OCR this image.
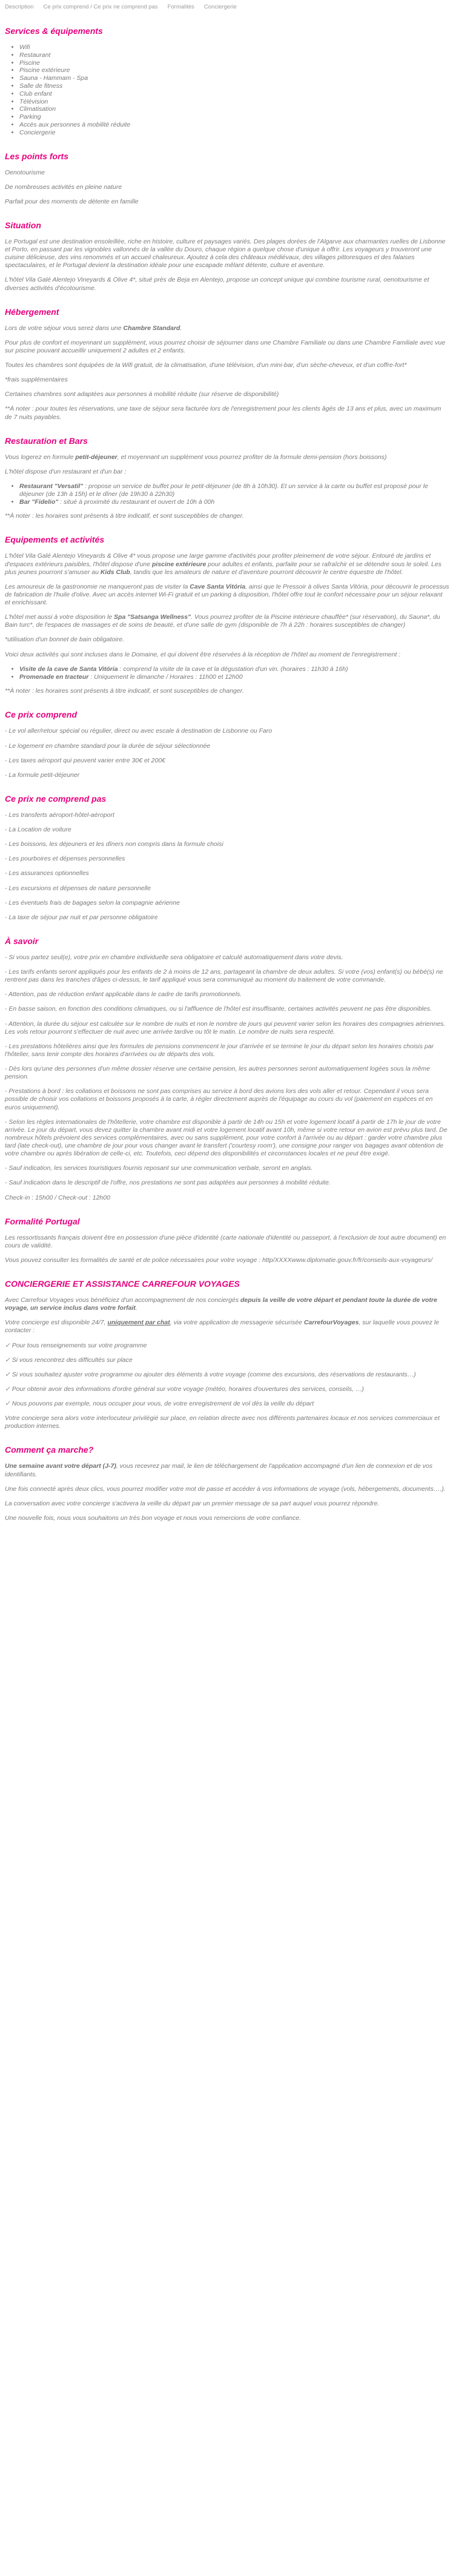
Description Ce prix comprend / Ce prix ne comprend pas Formalités Conciergerie
Services & équipements
• Wifi
• Restaurant
• Piscine
• Piscine extérieure
• Sauna - Hammam - Spa
• Salle de fitness
• Club enfant
• Télévision
• Climatisation
• Parking
• Accès aux personnes à mobilité réduite
• Conciergerie
Les points forts

Oenotourisme

De nombreuses activités en pleine nature

Parfait pour des moments de détente en famille

Situation

Le Portugal est une destination ensoleillée, riche en histoire, culture et paysages variés. Des plages dorées de l'Algarve aux charmantes ruelles de Lisbonne et Porto, en passant par les vignobles vallonnés de la vallée du Douro, chaque région a quelque chose d'unique à offrir. Les voyageurs y trouveront une cuisine délicieuse, des vins renommés et un accueil chaleureux. Ajoutez à cela des châteaux médiévaux, des villages pittoresques et des falaises spectaculaires, et le Portugal devient la destination idéale pour une escapade mêlant détente, culture et aventure.

L'hôtel Vila Galé Alentejo Vineyards & Olive 4*, situé près de Beja en Alentejo, propose un concept unique qui combine tourisme rural, oenotourisme et diverses activités d'écotourisme.

Hébergement

Lors de votre séjour vous serez dans une Chambre Standard.

Pour plus de confort et moyennant un supplément, vous pourrez choisir de séjourner dans une Chambre Familiale ou dans une Chambre Familiale avec vue sur piscine pouvant accueillir uniquement 2 adultes et 2 enfants.

Toutes les chambres sont équipées de la Wifi gratuit, de la climatisation, d'une télévision, d'un mini-bar, d'un sèche-cheveux, et d'un coffre-fort*

*frais supplémentaires

Certaines chambres sont adaptées aux personnes à mobilité réduite (sur réserve de disponibilité)

**À noter : pour toutes les réservations, une taxe de séjour sera facturée lors de l'enregistrement pour les clients âgés de 13 ans et plus, avec un maximum de 7 nuits payables.

Restauration et Bars

Vous logerez en formule petit-déjeuner, et moyennant un supplément vous pourrez profiter de la formule demi-pension (hors boissons)

L'hôtel dispose d'un restaurant et d'un bar :

• Restaurant "Versatil" : propose un service de buffet pour le petit-déjeuner (de 8h à 10h30). Et un service à la carte ou buffet est proposé pour le déjeuner (de 13h à 15h) et le dîner (de 19h30 à 22h30)
• Bar "Fidelio" : situé à proximité du restaurant et ouvert de 10h à 00h

**À noter : les horaires sont présents à titre indicatif, et sont susceptibles de changer.

Equipements et activités

L'hôtel Vila Galé Alentejo Vineyards & Olive 4* vous propose une large gamme d'activités pour profiter pleinement de votre séjour. Entouré de jardins et d'espaces extérieurs paisibles, l'hôtel dispose d'une piscine extérieure pour adultes et enfants, parfaite pour se rafraîchir et se détendre sous le soleil. Les plus jeunes pourront s'amuser au Kids Club, tandis que les amateurs de nature et d'aventure pourront découvrir le centre équestre de l'hôtel.

Les amoureux de la gastronomie ne manqueront pas de visiter la Cave Santa Vitória, ainsi que le Pressoir à olives Santa Vitória, pour découvrir le processus de fabrication de l'huile d'olive. Avec un accès internet Wi-Fi gratuit et un parking à disposition, l'hôtel offre tout le confort nécessaire pour un séjour relaxant et enrichissant.

L'hôtel met aussi à votre disposition le Spa "Satsanga Wellness". Vous pourrez profiter de la Piscine intérieure chauffée* (sur réservation), du Sauna*, du Bain turc*, de l'espaces de massages et de soins de beauté, et d'une salle de gym (disponible de 7h à 22h : horaires susceptibles de changer)

*utilisation d'un bonnet de bain obligatoire.

Voici deux activités qui sont incluses dans le Domaine, et qui doivent être réservées à la réception de l'hôtel au moment de l'enregistrement :

• Visite de la cave de Santa Vitória : comprend la visite de la cave et la dégustation d'un vin. (horaires : 11h30 à 16h)
• Promenade en tracteur : Uniquement le dimanche / Horaires : 11h00 et 12h00

**À noter : les horaires sont présents à titre indicatif, et sont susceptibles de changer.

Ce prix comprend

- Le vol aller/retour spécial ou régulier, direct ou avec escale à destination de Lisbonne ou Faro

- Le logement en chambre standard pour la durée de séjour sélectionnée

- Les taxes aéroport qui peuvent varier entre 30€ et 200€

- La formule petit-déjeuner

Ce prix ne comprend pas

- Les transferts aéroport-hôtel-aéroport

- La Location de voiture

- Les boissons, les déjeuners et les dîners non compris dans la formule choisi

- Les pourboires et dépenses personnelles

- Les assurances optionnelles

- Les excursions et dépenses de nature personnelle

- Les éventuels frais de bagages selon la compagnie aérienne

- La taxe de séjour par nuit et par personne obligatoire

À savoir

- Si vous partez seul(e), votre prix en chambre individuelle sera obligatoire et calculé automatiquement dans votre devis.

- Les tarifs enfants seront appliqués pour les enfants de 2 à moins de 12 ans, partageant la chambre de deux adultes. Si votre (vos) enfant(s) ou bébé(s) ne rentrent pas dans les tranches d'âges ci-dessus, le tarif appliqué vous sera communiqué au moment du traitement de votre commande.

- Attention, pas de réduction enfant applicable dans le cadre de tarifs promotionnels.

- En basse saison, en fonction des conditions climatiques, ou si l'affluence de l'hôtel est insuffisante, certaines activités peuvent ne pas être disponibles.

- Attention, la durée du séjour est calculée sur le nombre de nuits et non le nombre de jours qui peuvent varier selon les horaires des compagnies aériennes. Les vols retour pourront s'effectuer de nuit avec une arrivée tardive ou tôt le matin. Le nombre de nuits sera respecté.

- Les prestations hôtelières ainsi que les formules de pensions commencent le jour d'arrivée et se termine le jour du départ selon les horaires choisis par l'hôtelier, sans tenir compte des horaires d'arrivées ou de départs des vols.

- Dès lors qu'une des personnes d'un même dossier réserve une certaine pension, les autres personnes seront automatiquement logées sous la même pension.

- Prestations à bord : les collations et boissons ne sont pas comprises au service à bord des avions lors des vols aller et retour. Cependant il vous sera possible de choisir vos collations et boissons proposés à la carte, à régler directement auprès de l'équipage au cours du vol (paiement en espèces et en euros uniquement).

- Selon les règles internationales de l'hôtellerie, votre chambre est disponible à partir de 14h ou 15h et votre logement locatif à partir de 17h le jour de votre arrivée. Le jour du départ, vous devez quitter la chambre avant midi et votre logement locatif avant 10h, même si votre retour en avion est prévu plus tard. De nombreux hôtels prévoient des services complémentaires, avec ou sans supplément, pour votre confort à l'arrivée ou au départ : garder votre chambre plus tard (late check-out), une chambre de jour pour vous changer avant le transfert ('courtesy room'), une consigne pour ranger vos bagages avant obtention de votre chambre ou après libération de celle-ci, etc. Toutefois, ceci dépend des disponibilités et circonstances locales et ne peut être exigé.

- Sauf indication, les services touristiques fournis reposant sur une communication verbale, seront en anglais.

- Sauf indication dans le descriptif de l'offre, nos prestations ne sont pas adaptées aux personnes à mobilité réduite.

Check-in : 15h00 / Check-out : 12h00

Formalité Portugal

Les ressortissants français doivent être en possession d'une pièce d'identité (carte nationale d'identité ou passeport, à l'exclusion de tout autre document) en cours de validité.

Vous pouvez consulter les formalités de santé et de police nécessaires pour votre voyage : http/XXXXwww.diplomatie.gouv.fr/fr/conseils-aux-voyageurs/

CONCIERGERIE ET ASSISTANCE CARREFOUR VOYAGES

Avec Carrefour Voyages vous bénéficiez d'un accompagnement de nos conciergés depuis la veille de votre départ et pendant toute la durée de votre voyage, un service inclus dans votre forfait.

Votre concierge est disponible 24/7, uniquement par chat, via votre application de messagerie sécurisée CarrefourVoyages, sur laquelle vous pouvez le contacter :

✓ Pour tous renseignements sur votre programme

✓ Si vous rencontrez des difficultés sur place

✓ Si vous souhaitez ajuster votre programme ou ajouter des éléments à votre voyage (comme des excursions, des réservations de restaurants…)

✓ Pour obtenir avoir des informations d'ordre général sur votre voyage (météo, horaires d'ouvertures des services, conseils, …)

✓ Nous pouvons par exemple, nous occuper pour vous, de votre enregistrement de vol dès la veille du départ

Votre concierge sera alors votre interlocuteur privilégié sur place, en relation directe avec nos différents partenaires locaux et nos services commerciaux et production internes.

Comment ça marche?

Une semaine avant votre départ (J-7), vous recevrez par mail, le lien de téléchargement de l'application accompagné d'un lien de connexion et de vos identifiants.

Une fois connecté après deux clics, vous pourrez modifier votre mot de passe et accéder à vos informations de voyage (vols, hébergements, documents….).

La conversation avec votre concierge s'activera la veille du départ par un premier message de sa part auquel vous pourrez répondre.

Une nouvelle fois, nous vous souhaitons un très bon voyage et nous vous remercions de votre confiance.
